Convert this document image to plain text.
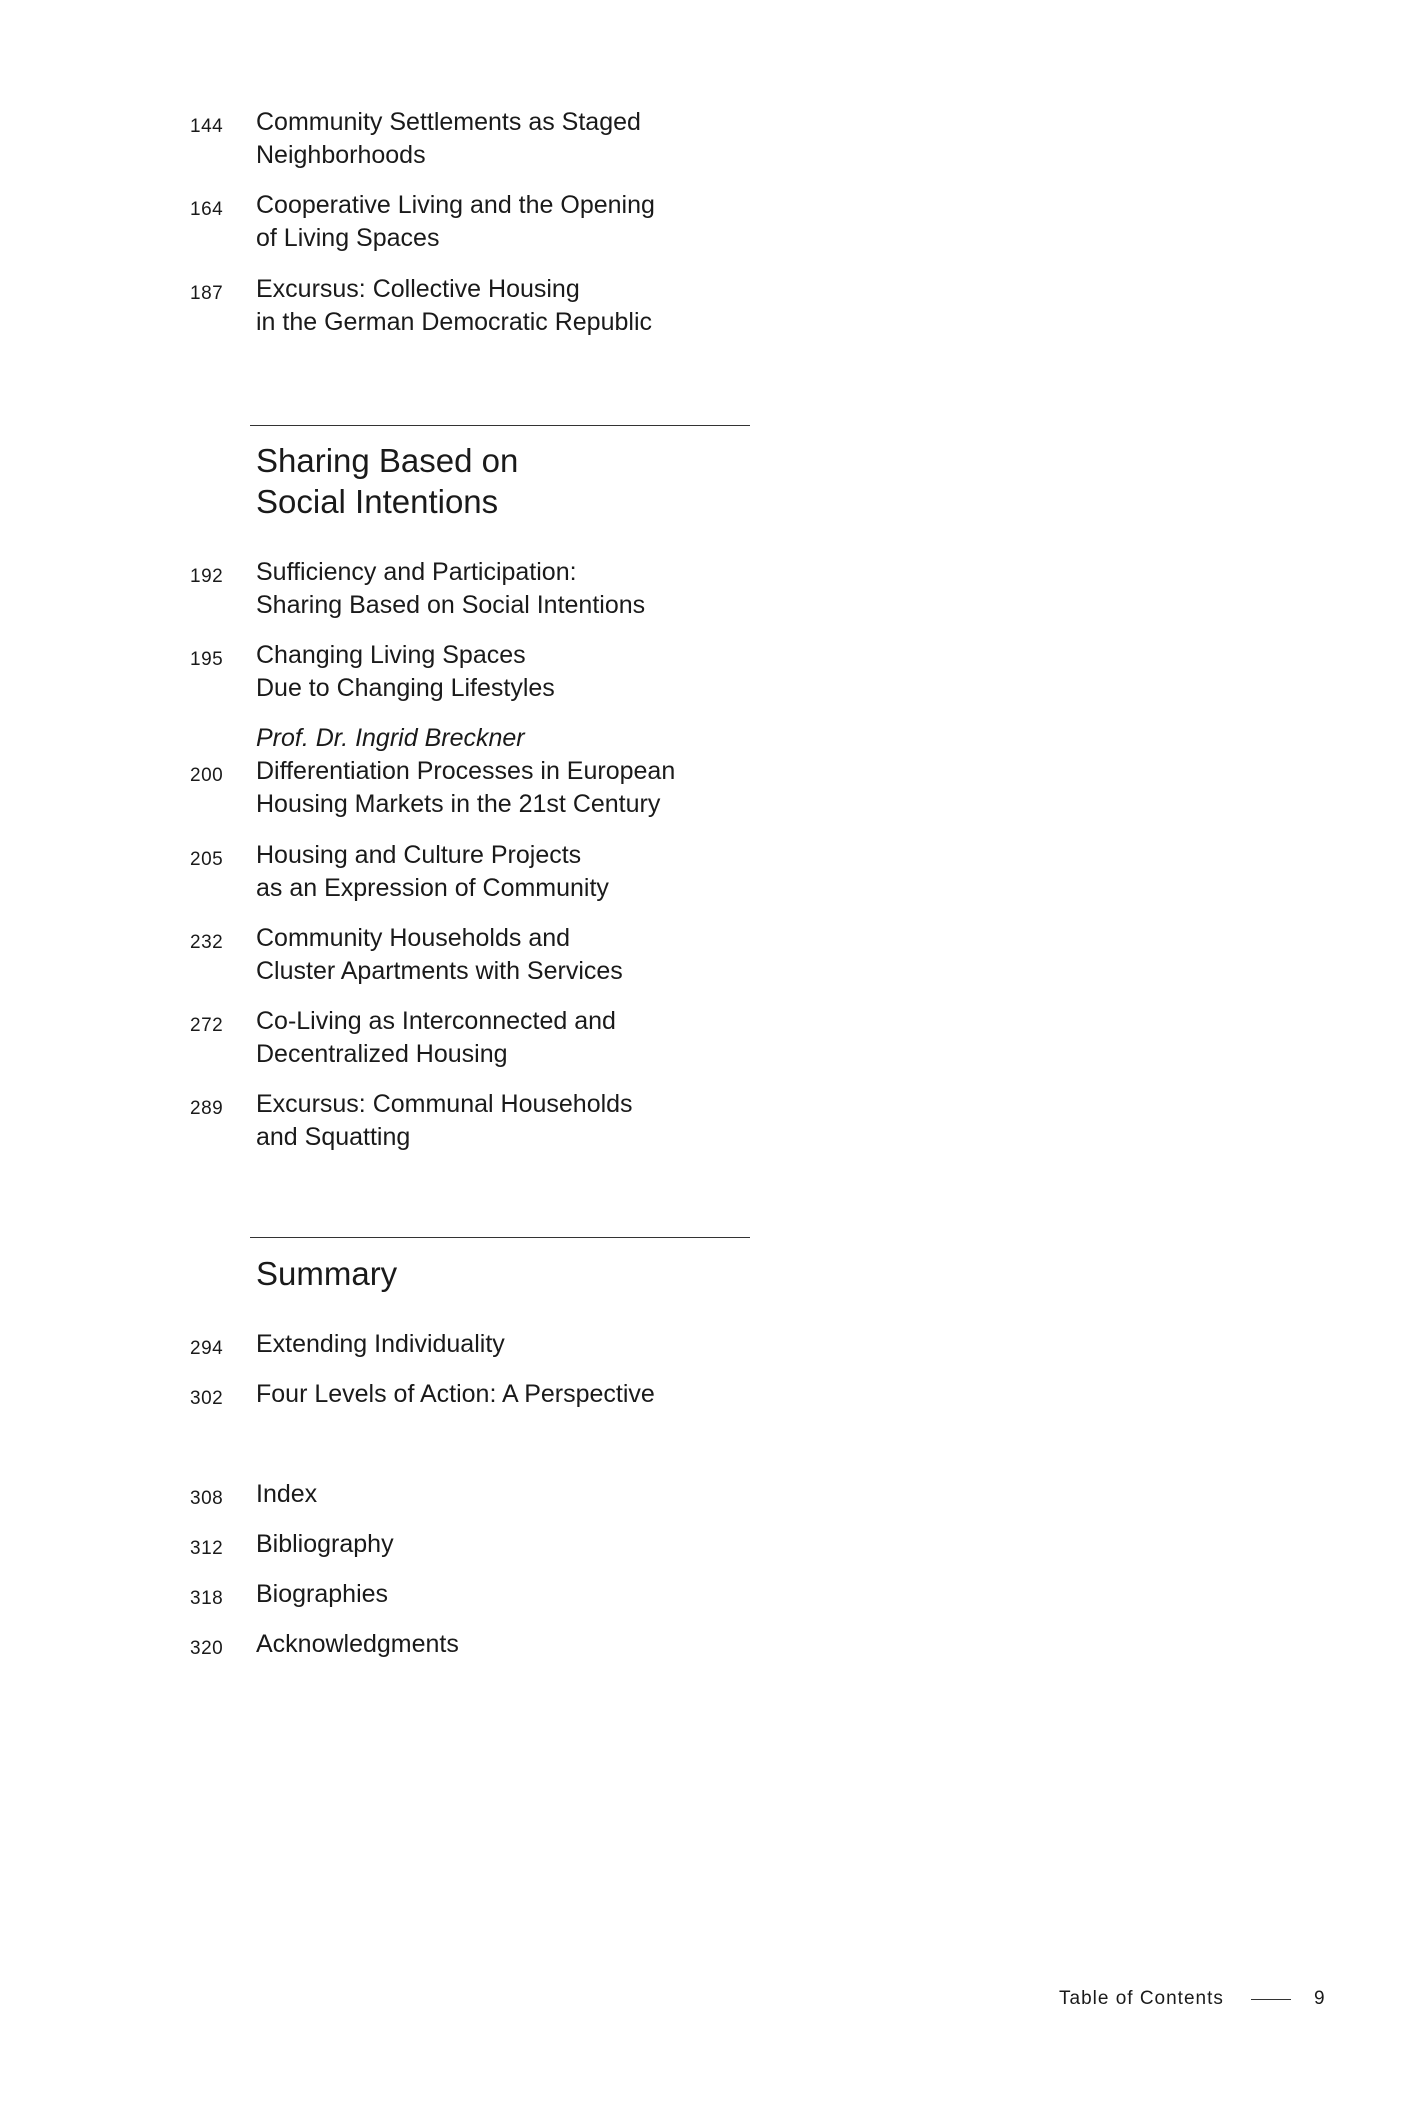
144	Community Settlements as Staged
Neighborhoods
164	Cooperative Living and the Opening
of Living Spaces
187	Excursus: Collective Housing
in the German Democratic Republic
Sharing Based on
Social Intentions
192	Sufficiency and Participation:
Sharing Based on Social Intentions
195	Changing Living Spaces
Due to Changing Lifestyles
200
Prof. Dr. Ingrid Breckner
Differentiation Processes in European
Housing Markets in the 21st Century
205	Housing and Culture Projects
as an Expression of Community
232	Community Households and
Cluster Apartments with Services
272	Co-Living as Interconnected and
Decentralized Housing
289	Excursus: Communal Households
and Squatting
Summary
294	Extending Individuality
302	Four Levels of Action: A Perspective
308	Index
312	Bibliography
318	Biographies
320	Acknowledgments
Table of Contents	9
